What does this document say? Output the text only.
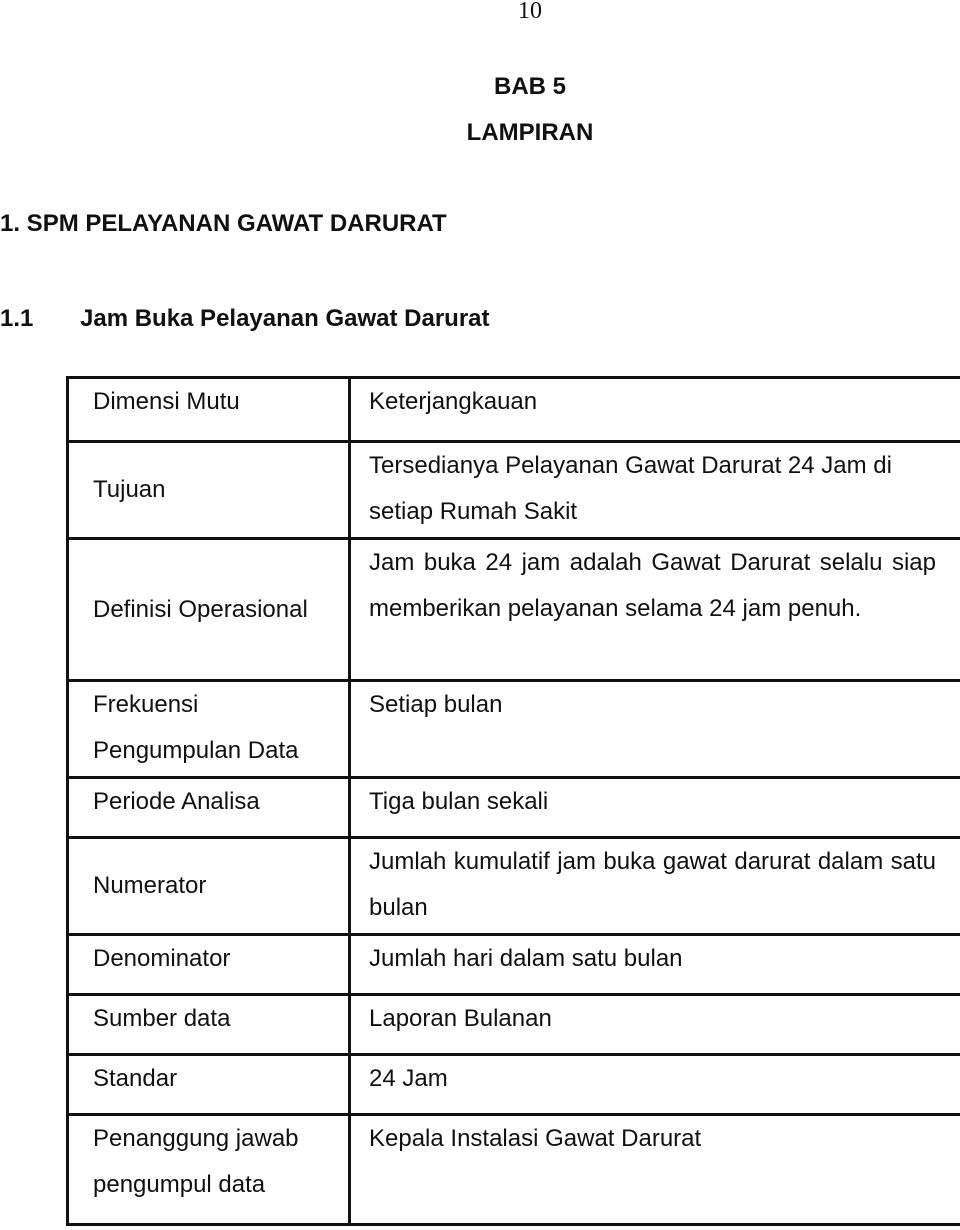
10
BAB 5
LAMPIRAN
1. SPM PELAYANAN GAWAT DARURAT
1.1 Jam Buka Pelayanan Gawat Darurat
Dimensi Mutu	Keterjangkauan
Tujuan	Tersedianya Pelayanan Gawat Darurat 24 Jam di setiap Rumah Sakit
Definisi Operasional	Jam buka 24 jam adalah Gawat Darurat selalu siap memberikan pelayanan selama 24 jam penuh.
Frekuensi Pengumpulan Data	Setiap bulan
Periode Analisa	Tiga bulan sekali
Numerator	Jumlah kumulatif jam buka gawat darurat dalam satu bulan
Denominator	Jumlah hari dalam satu bulan
Sumber data	Laporan Bulanan
Standar	24 Jam
Penanggung jawab pengumpul data	Kepala Instalasi Gawat Darurat
